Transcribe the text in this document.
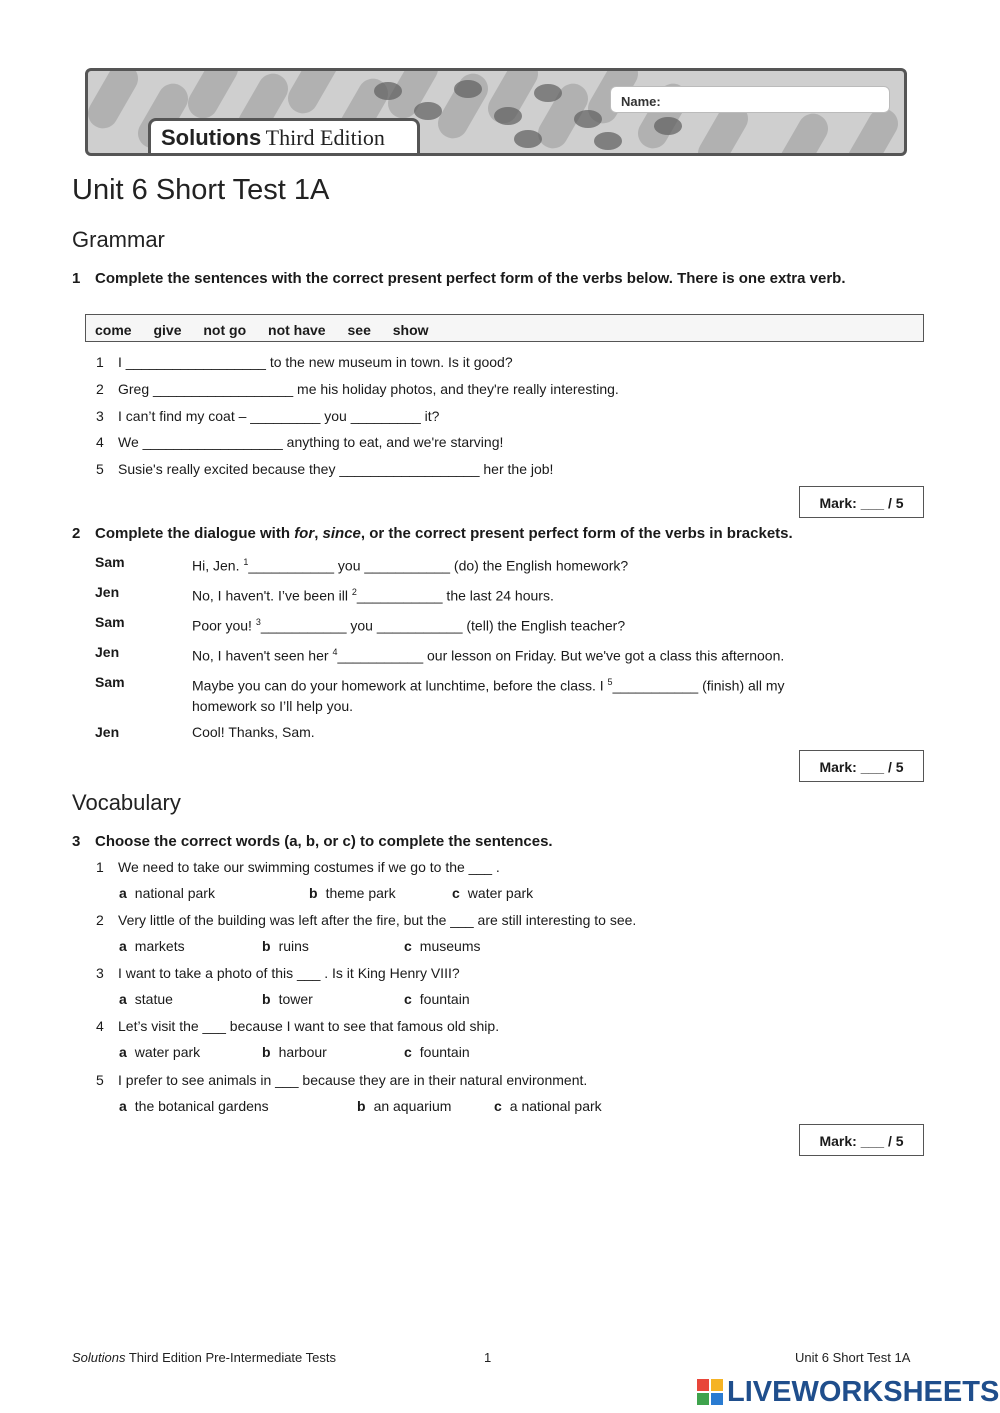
Name:
Solutions Third Edition
Unit 6 Short Test 1A
Grammar
1 Complete the sentences with the correct present perfect form of the verbs below. There is one extra verb.
come give not go not have see show
1 I __________________ to the new museum in town. Is it good?
2 Greg __________________ me his holiday photos, and they're really interesting.
3 I can’t find my coat – _________ you _________ it?
4 We __________________ anything to eat, and we're starving!
5 Susie's really excited because they __________________ her the job!
Mark: ___ / 5
2 Complete the dialogue with for, since, or the correct present perfect form of the verbs in brackets.
Sam	Hi, Jen. $^1$___________ you ___________ (do) the English homework?
Jen	No, I haven't. I’ve been ill $^2$___________ the last 24 hours.
Sam	Poor you! $^3$___________ you ___________ (tell) the English teacher?
Jen	No, I haven't seen her $^4$___________ our lesson on Friday. But we've got a class this afternoon.
Sam	Maybe you can do your homework at lunchtime, before the class. I $^5$___________ (finish) all my homework so I’ll help you.
Jen	Cool! Thanks, Sam.
Mark: ___ / 5
Vocabulary
3 Choose the correct words (a, b, or c) to complete the sentences.
1 We need to take our swimming costumes if we go to the ___ .
a national park	b theme park	c water park
2 Very little of the building was left after the fire, but the ___ are still interesting to see.
a markets	b ruins	c museums
3 I want to take a photo of this ___ . Is it King Henry VIII?
a statue	b tower	c fountain
4 Let’s visit the ___ because I want to see that famous old ship.
a water park	b harbour	c fountain
5 I prefer to see animals in ___ because they are in their natural environment.
a the botanical gardens	b an aquarium	c a national park
Mark: ___ / 5
Solutions Third Edition Pre-Intermediate Tests	1	Unit 6 Short Test 1A
LIVEWORKSHEETS
